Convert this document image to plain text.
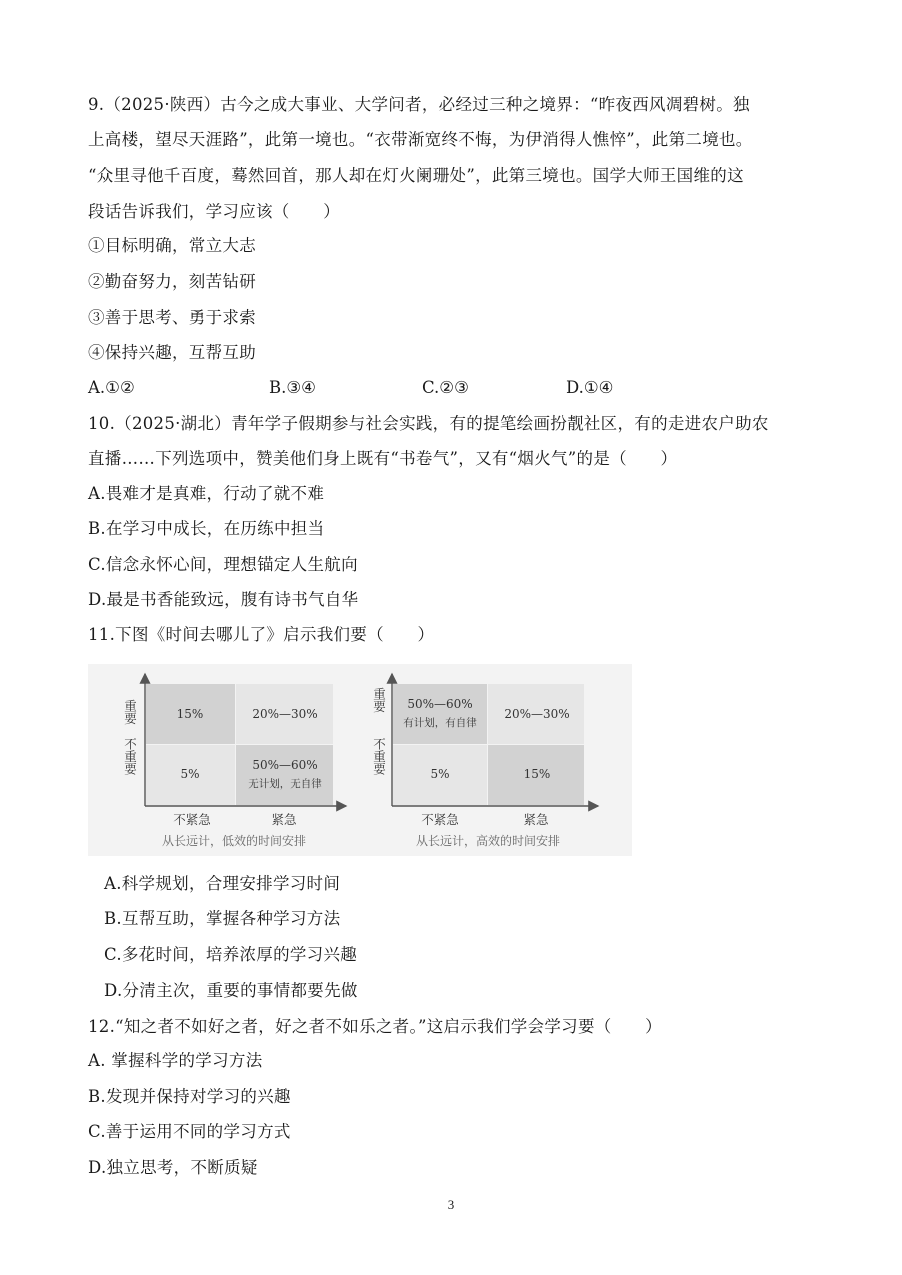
9.（2025·陕西）古今之成大事业、大学问者，必经过三种之境界：“昨夜西风凋碧树。独
上高楼，望尽天涯路”，此第一境也。“衣带渐宽终不悔，为伊消得人憔悴”，此第二境也。
“众里寻他千百度，蓦然回首，那人却在灯火阑珊处”，此第三境也。国学大师王国维的这
段话告诉我们，学习应该（　　）
①目标明确，常立大志
②勤奋努力，刻苦钻研
③善于思考、勇于求索
④保持兴趣，互帮互助
A.①②	B.③④	C.②③	D.①④
10.（2025·湖北）青年学子假期参与社会实践，有的提笔绘画扮靓社区，有的走进农户助农
直播……下列选项中，赞美他们身上既有“书卷气”，又有“烟火气”的是（　　）
A.畏难才是真难，行动了就不难
B.在学习中成长，在历练中担当
C.信念永怀心间，理想锚定人生航向
D.最是书香能致远，腹有诗书气自华
11.下图《时间去哪儿了》启示我们要（　　）
15%	20%—30%
5%
50%—60%
无计划，无自律
重要
不重要
不紧急	紧急
从长远计，低效的时间安排
50%—60%
有计划，有自律
20%—30%
5%	15%
重要
不重要
不紧急	紧急
从长远计，高效的时间安排
A.科学规划，合理安排学习时间
B.互帮互助，掌握各种学习方法
C.多花时间，培养浓厚的学习兴趣
D.分清主次，重要的事情都要先做
12.“知之者不如好之者，好之者不如乐之者。”这启示我们学会学习要（　　）
A. 掌握科学的学习方法
B.发现并保持对学习的兴趣
C.善于运用不同的学习方式
D.独立思考，不断质疑
3
